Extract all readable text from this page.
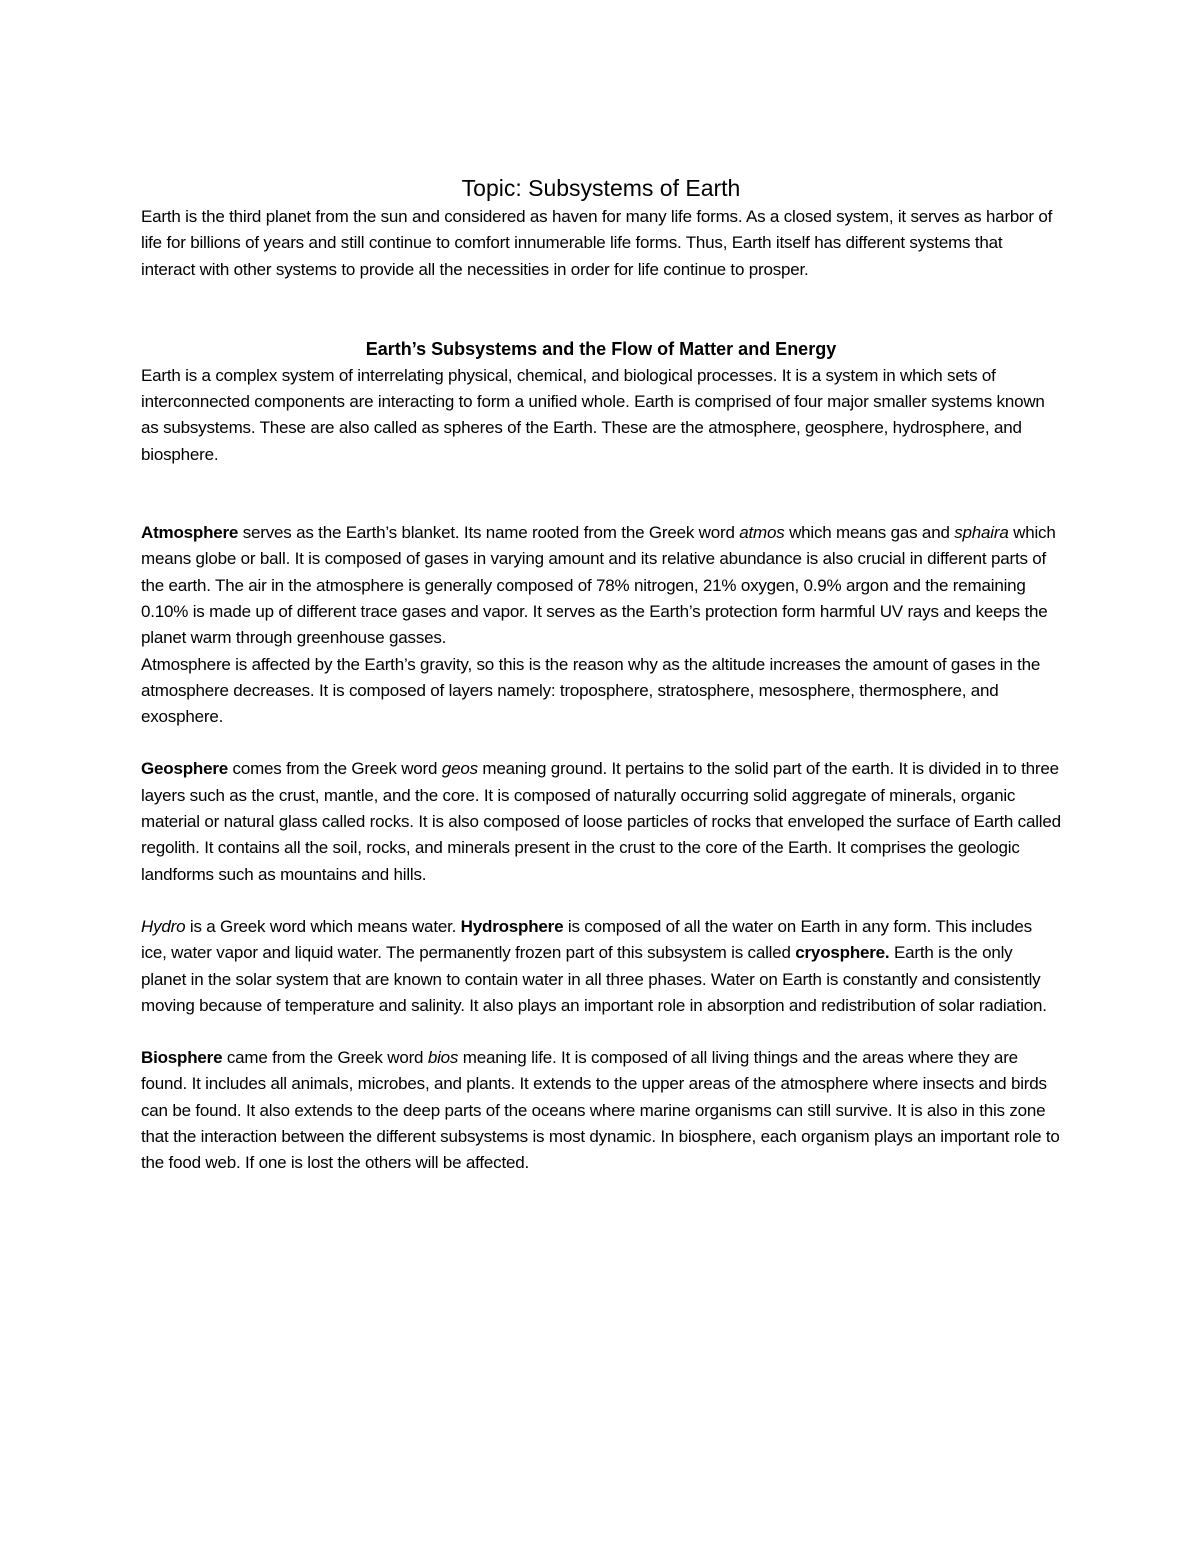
Topic: Subsystems of Earth

Earth is the third planet from the sun and considered as haven for many life forms. As a closed system, it serves as harbor of life for billions of years and still continue to comfort innumerable life forms. Thus, Earth itself has different systems that interact with other systems to provide all the necessities in order for life continue to prosper.

Earth’s Subsystems and the Flow of Matter and Energy

Earth is a complex system of interrelating physical, chemical, and biological processes. It is a system in which sets of interconnected components are interacting to form a unified whole. Earth is comprised of four major smaller systems known as subsystems. These are also called as spheres of the Earth. These are the atmosphere, geosphere, hydrosphere, and biosphere.

Atmosphere serves as the Earth’s blanket. Its name rooted from the Greek word atmos which means gas and sphaira which means globe or ball. It is composed of gases in varying amount and its relative abundance is also crucial in different parts of the earth. The air in the atmosphere is generally composed of 78% nitrogen, 21% oxygen, 0.9% argon and the remaining 0.10% is made up of different trace gases and vapor. It serves as the Earth’s protection form harmful UV rays and keeps the planet warm through greenhouse gasses.

Atmosphere is affected by the Earth’s gravity, so this is the reason why as the altitude increases the amount of gases in the atmosphere decreases. It is composed of layers namely: troposphere, stratosphere, mesosphere, thermosphere, and exosphere.

Geosphere comes from the Greek word geos meaning ground. It pertains to the solid part of the earth. It is divided in to three layers such as the crust, mantle, and the core. It is composed of naturally occurring solid aggregate of minerals, organic material or natural glass called rocks. It is also composed of loose particles of rocks that enveloped the surface of Earth called regolith. It contains all the soil, rocks, and minerals present in the crust to the core of the Earth. It comprises the geologic landforms such as mountains and hills.

Hydro is a Greek word which means water. Hydrosphere is composed of all the water on Earth in any form. This includes ice, water vapor and liquid water. The permanently frozen part of this subsystem is called cryosphere. Earth is the only planet in the solar system that are known to contain water in all three phases. Water on Earth is constantly and consistently moving because of temperature and salinity. It also plays an important role in absorption and redistribution of solar radiation.

Biosphere came from the Greek word bios meaning life. It is composed of all living things and the areas where they are found. It includes all animals, microbes, and plants. It extends to the upper areas of the atmosphere where insects and birds can be found. It also extends to the deep parts of the oceans where marine organisms can still survive. It is also in this zone that the interaction between the different subsystems is most dynamic. In biosphere, each organism plays an important role to the food web. If one is lost the others will be affected.
